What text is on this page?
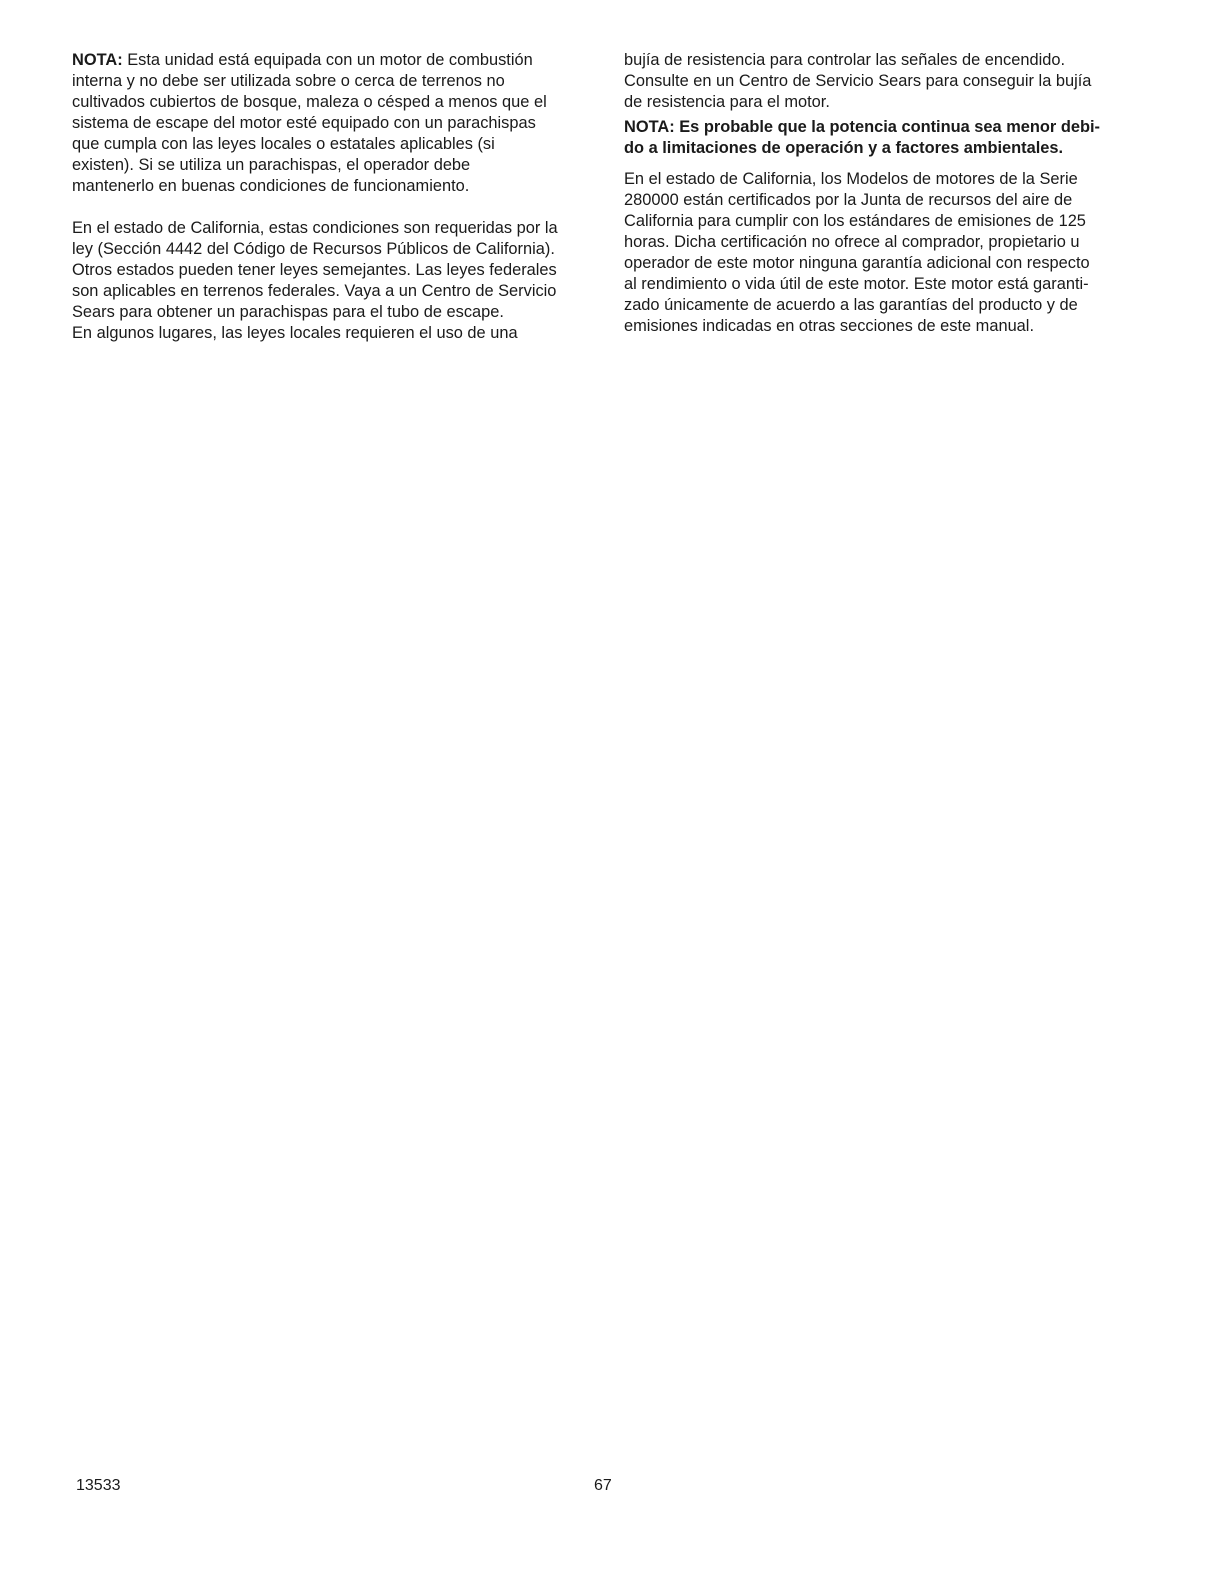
NOTA: Esta unidad está equipada con un motor de combustión
interna y no debe ser utilizada sobre o cerca de terrenos no
cultivados cubiertos de bosque, maleza o césped a menos que el
sistema de escape del motor esté equipado con un parachispas
que cumpla con las leyes locales o estatales aplicables (si
existen). Si se utiliza un parachispas, el operador debe
mantenerlo en buenas condiciones de funcionamiento.

En el estado de California, estas condiciones son requeridas por la
ley (Sección 4442 del Código de Recursos Públicos de California).
Otros estados pueden tener leyes semejantes. Las leyes federales
son aplicables en terrenos federales. Vaya a un Centro de Servicio
Sears para obtener un parachispas para el tubo de escape.

En algunos lugares, las leyes locales requieren el uso de una

bujía de resistencia para controlar las señales de encendido.
Consulte en un Centro de Servicio Sears para conseguir la bujía
de resistencia para el motor.

NOTA: Es probable que la potencia continua sea menor debi-
do a limitaciones de operación y a factores ambientales.

En el estado de California, los Modelos de motores de la Serie
280000 están certificados por la Junta de recursos del aire de
California para cumplir con los estándares de emisiones de 125
horas. Dicha certificación no ofrece al comprador, propietario u
operador de este motor ninguna garantía adicional con respecto
al rendimiento o vida útil de este motor. Este motor está garanti-
zado únicamente de acuerdo a las garantías del producto y de
emisiones indicadas en otras secciones de este manual.

13533	67
